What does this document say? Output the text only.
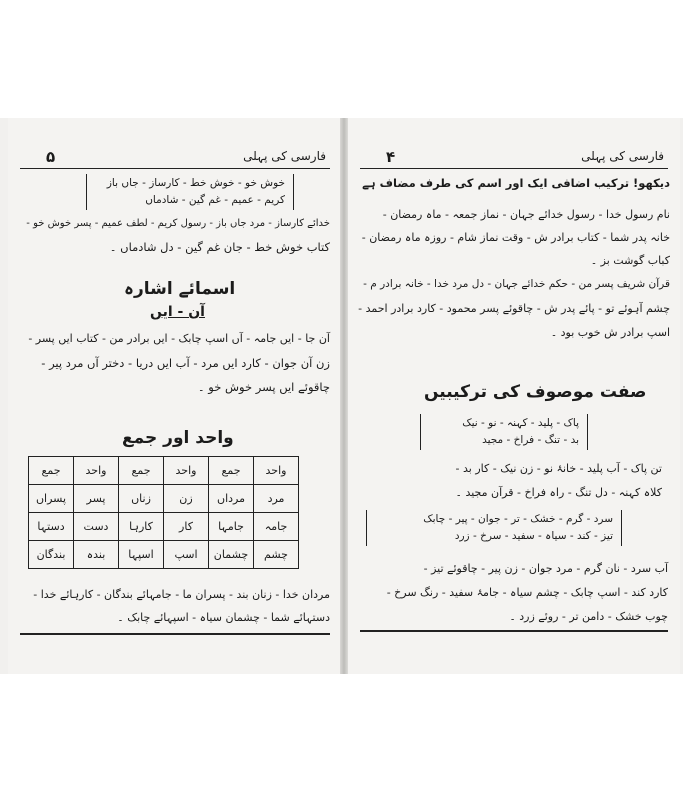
۵	فارسی کی پہلی
خوش خو - خوش خط - کارساز - جاں باز
کریم - عمیم - غم گین - شادماں
خدائے کارساز - مرد جاں باز - رسول کریم - لطف عمیم - پسر خوش خو -
کتاب خوش خط - جان غم گین - دل شادماں ۔
اسمائے اشارہ
آن - ایں
آن جا - ایں جامہ - آں اسپ چابک - ایں برادر من - کتاب ایں پسر -
زن آن جوان - کارد ایں مرد - آب ایں دریا - دختر آں مرد پیر -
چاقوئے ایں پسر خوش خو ۔
واحد اور جمع
واحد	جمع	واحد	جمع	واحد	جمع
مرد	مرداں	زن	زناں	پسر	پسراں
جامہ	جامہا	کار	کارہا	دست	دستہا
چشم	چشمان	اسپ	اسپہا	بندہ	بندگان
مردان خدا - زنان بند - پسران ما - جامہائے بندگان - کارہائے خدا -
دستہائے شما - چشمان سیاہ - اسپہائے چابک ۔
۴	فارسی کی پہلی
دیکھو! ترکیب اضافی ایک اور اسم کی طرف مضاف ہے
نام رسول خدا - رسول خدائے جہان - نماز جمعہ - ماہ رمضان -
خانہ پدر شما - کتاب برادر ش - وقت نماز شام - روزہ ماہ رمضان -
کباب گوشت بز ۔
قرآن شریف پسر من - حکم خدائے جہان - دل مرد خدا - خانہ برادر م -
چشم آہوئے تو - پائے پدر ش - چاقوئے پسر محمود - کارد برادر احمد -
اسپ برادر ش خوب بود ۔
صفت موصوف کی ترکیبیں
پاک - پلید - کہنہ - نو - نیک
بد - تنگ - فراخ - مجید
تن پاک - آب پلید - خانۂ نو - زن نیک - کار بد -
کلاہ کہنہ - دل تنگ - راہ فراخ - قرآن مجید ۔
سرد - گرم - خشک - تر - جوان - پیر - چابک
تیز - کند - سیاہ - سفید - سرخ - زرد
آب سرد - نان گرم - مرد جوان - زن پیر - چاقوئے تیز -
کارد کند - اسپ چابک - چشم سیاہ - جامۂ سفید - رنگ سرخ -
چوب خشک - دامن تر - روئے زرد ۔
